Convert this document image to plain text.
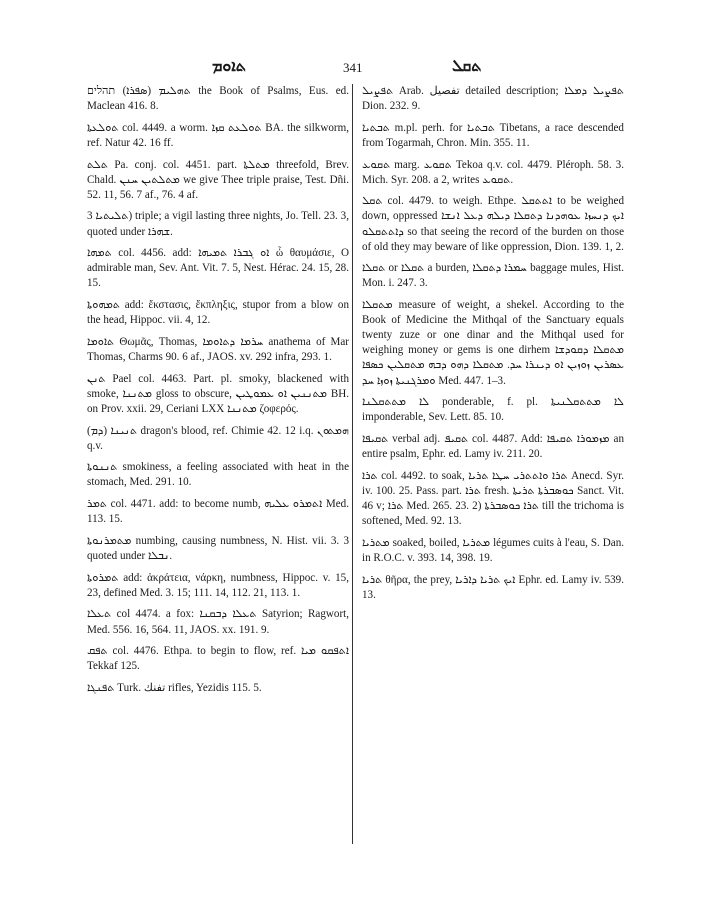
ܬܐܘܡ	341	ܬܩܠ

ܬܗܠܝܡ (ܣܦܪܐ) תהלים the Book of Psalms, Eus. ed. Maclean 416. 8.

ܬܘܠܥܬܐ col. 4449. a worm. ܬܘܠܥܬ ܩܙܐ BA. the silkworm, ref. Natur 42. 16 ff.

ܬܠܬ Pa. conj. col. 4451. part. ܡܬܠܬܐ threefold, Brev. Chald. ܡܬܠܬܝܢ ܚܢܢ we give Thee triple praise, Test. Dñi. 52. 11, 56. 7 af., 76. 4 af.

ܬܠܝܬܝܐ 3) triple; a vigil lasting three nights, Jo. Tell. 23. 3, quoted under ܫܗܪܐ.

ܬܡܗܐ col. 4456. add: ܐܘ ܓܒܪܐ ܬܡܝܗܐ ὦ θαυμάσιε, O admirable man, Sev. Ant. Vit. 7. 5, Nest. Hérac. 24. 15, 28. 15.

ܬܡܗܘܬܐ add: ἔκστασις, ἔκπληξις, stupor from a blow on the head, Hippoc. vii. 4, 12.

ܬܐܘܡܐ Θωμᾶς, Thomas, ܚܪܡܐ ܕܬܐܘܡܐ anathema of Mar Thomas, Charms 90. 6 af., JAOS. xv. 292 infra, 293. 1.

ܬܢܢ Pael col. 4463. Part. pl. smoky, blackened with smoke, ܡܬܢܢܐ gloss to obscure, ܡܬܢܢܝܢ ܐܘ ܥܡܘܛܝܢ BH. on Prov. xxii. 29, Ceriani LXX ܡܬܢܢܐ ζοφερός.

ܬܢܝܢܐ (ܕܡ) dragon's blood, ref. Chimie 42. 12 i.q. ܗܡܬܘܢ q.v.

ܬܢܢܘܬܐ smokiness, a feeling associated with heat in the stomach, Med. 291. 10.

ܬܡܪ col. 4471. add: to become numb, ܐܬܡܪܘ ܥܠܝܗ Med. 113. 15.

ܡܬܡܪܢܘܬܐ numbing, causing numbness, N. Hist. vii. 3. 3 quoted under ܢܒܠܐ.

ܬܡܪܘܬܐ add: ἀκράτεια, νάρκη, numbness, Hippoc. v. 15, 23, defined Med. 3. 15; 111. 14, 112. 21, 113. 1.

ܬܥܠܐ col 4474. a fox: ܬܥܠܐ ܕܒܩܢܐ Satyrion; Ragwort, Med. 556. 16, 564. 11, JAOS. xx. 191. 9.

ܬܦܩ col. 4476. Ethpa. to begin to flow, ref. ܐܬܦܩܘ ܡܝܐ Tekkaf 125.

ܬܦܢܓܐ Turk. تفنك rifles, Yezidis 115. 5.

ܬܦܨܝܠ Arab. تفصيل detailed description; ܬܦܨܝܠ ܕܡܠܐ Dion. 232. 9.

ܬܒܬܝܐ m.pl. perh. for ܬܒܬܝܐ Tibetans, a race descended from Togarmah, Chron. Min. 355. 11.

ܬܩܘܥ marg. ܬܩܘܥ Tekoa q.v. col. 4479. Pléroph. 58. 3. Mich. Syr. 208. a 2, writes ܬܩܘܥ.

ܬܩܠ col. 4479. to weigh. Ethpe. ܐܬܬܩܠ to be weighed down, oppressed ܐܝܟ ܕܢܚܙܐ ܥܘܗܕܢܐ ܕܬܩܠܐ ܕܝܠܗ ܕܥܠ ܐܢܫܐ ܕܐܬܬܩܠܘ so that seeing the record of the burden on those of old they may beware of like oppression, Dion. 139. 1, 2.

ܬܩܠܐ or ܬܩܠܐ a burden, ܚܡܪܐ ܕܬܩܠܐ baggage mules, Hist. Mon. i. 247. 3.

ܡܬܩܠܐ measure of weight, a shekel. According to the Book of Medicine the Mithqal of the Sanctuary equals twenty zuze or one dinar and the Mithqal used for weighing money or gems is one dirhem ܡܬܩܠܐ ܕܩܘܕܫܐ ܥܣܪܝܢ ܙܘܙܝܢ ܐܘ ܕܝܢܪܐ ܚܕ. ܡܬܩܠܐ ܕܗܘ ܕܒܗ ܡܬܩܠܝܢ ܟܣܦܐ ܘܡܪܓܢܝܬܐ ܙܘܙܐ ܚܕ Med. 447. 1–3.

ܠܐ ܡܬܬܩܠܢܐ ponderable, f. pl. ܠܐ ܡܬܬܩܠܢܝܬܐ imponderable, Sev. Lett. 85. 10.

ܬܩܝܦܐ verbal adj. ܬܩܝܦ col. 4487. Add: ܡܙܡܘܪܐ ܬܩܝܦܐ an entire psalm, Ephr. ed. Lamy iv. 211. 20.

ܬܪܐ col. 4492. to soak, ܬܪܐ ܘܐܬܬܪܝ ܚܛܐ ܬܪܝܐ Anecd. Syr. iv. 100. 25. Pass. part. ܬܪܐ fresh. ܟܘܣܒܪܬܐ ܬܪܝܬܐ Sanct. Vit. 46 v; ܬܪܐ Med. 265. 23. 2) ܬܪܐ ܟܘܣܒܪܬܐ till the trichoma is softened, Med. 92. 13.

ܡܬܪܝܐ soaked, boiled, ܡܬܪܝܐ légumes cuits à l'eau, S. Dan. in R.O.C. v. 393. 14, 398. 19.

ܬܪܝܐ θῆρα, the prey, ܐܝܟ ܬܪܝܐ ܕܐܪܝܐ Ephr. ed. Lamy iv. 539. 13.
